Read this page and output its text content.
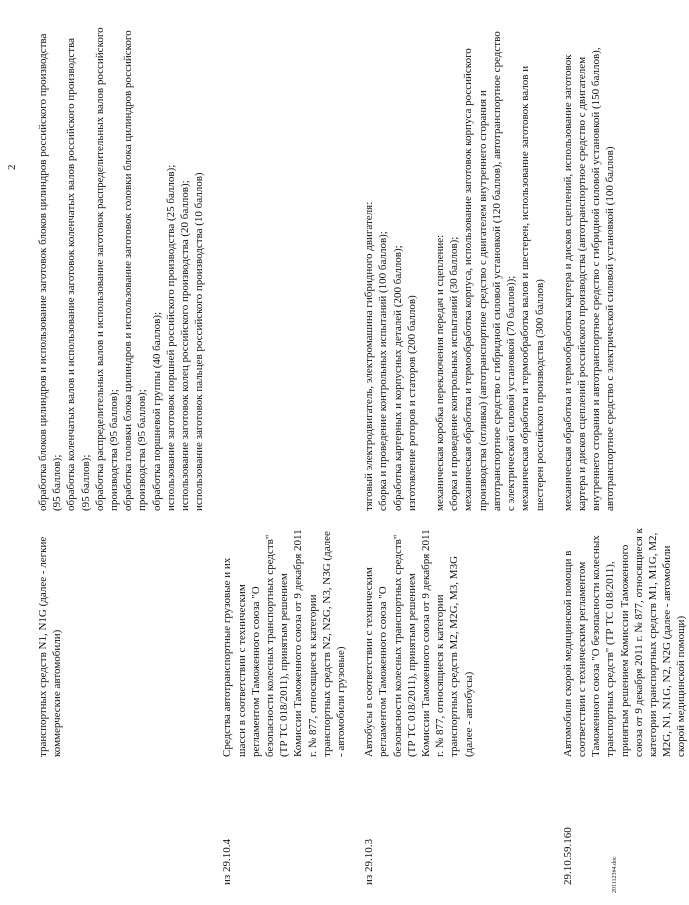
2
транспортных средств N1, N1G (далее - легкие коммерческие автомобили)
обработка блоков цилиндров и использование заготовок блоков цилиндров российского производства (95 баллов); обработка коленчатых валов и использование заготовок коленчатых валов российского производства (95 баллов); обработка распределительных валов и использование заготовок распределительных валов российского производства (95 баллов); обработка головки блока цилиндров и использование заготовок головки блока цилиндров российского производства (95 баллов); обработка поршневой группы (40 баллов); использование заготовок поршней российского производства (25 баллов); использование заготовок колец российского производства (20 баллов); использование заготовок пальцев российского производства (10 баллов)
из 29.10.4
Средства автотранспортные грузовые и их шасси в соответствии с техническим регламентом Таможенного союза "О безопасности колесных транспортных средств" (ТР ТС 018/2011), принятым решением Комиссии Таможенного союза от 9 декабря 2011 г. № 877, относящиеся к категории транспортных средств N2, N2G, N3, N3G (далее - автомобили грузовые)
из 29.10.3
Автобусы в соответствии с техническим регламентом Таможенного союза "О безопасности колесных транспортных средств" (ТР ТС 018/2011), принятым решением Комиссии Таможенного союза от 9 декабря 2011 г. № 877, относящиеся к категории транспортных средств M2, M2G, M3, M3G (далее - автобусы)
тяговый электродвигатель, электромашина гибридного двигателя: сборка и проведение контрольных испытаний (100 баллов); обработка картерных и корпусных деталей (200 баллов); изготовление роторов и статоров (200 баллов) механическая коробка переключения передач и сцепление: сборка и проведение контрольных испытаний (30 баллов); механическая обработка и термообработка корпуса, использование заготовок корпуса российского производства (отливка) (автотранспортное средство с двигателем внутреннего сгорания и автотранспортное средство с гибридной силовой установкой (120 баллов), автотранспортное средство с электрической силовой установкой (70 баллов)); механическая обработка и термообработка валов и шестерен, использование заготовок валов и шестерен российского производства (300 баллов)
29.10.59.160
Автомобили скорой медицинской помощи в соответствии с техническим регламентом Таможенного союза "О безопасности колесных транспортных средств" (ТР ТС 018/2011), принятым решением Комиссии Таможенного союза от 9 декабря 2011 г. № 877, относящиеся к категории транспортных средств M1, M1G, M2, M2G, N1, N1G, N2, N2G (далее - автомобили скорой медицинской помощи)
механическая обработка и термообработка картера и дисков сцеплений, использование заготовок картера и дисков сцеплений российского производства (автотранспортное средство с двигателем внутреннего сгорания и автотранспортное средство с гибридной силовой установкой (150 баллов), автотранспортное средство с электрической силовой установкой (100 баллов)
2011123#4.doc
